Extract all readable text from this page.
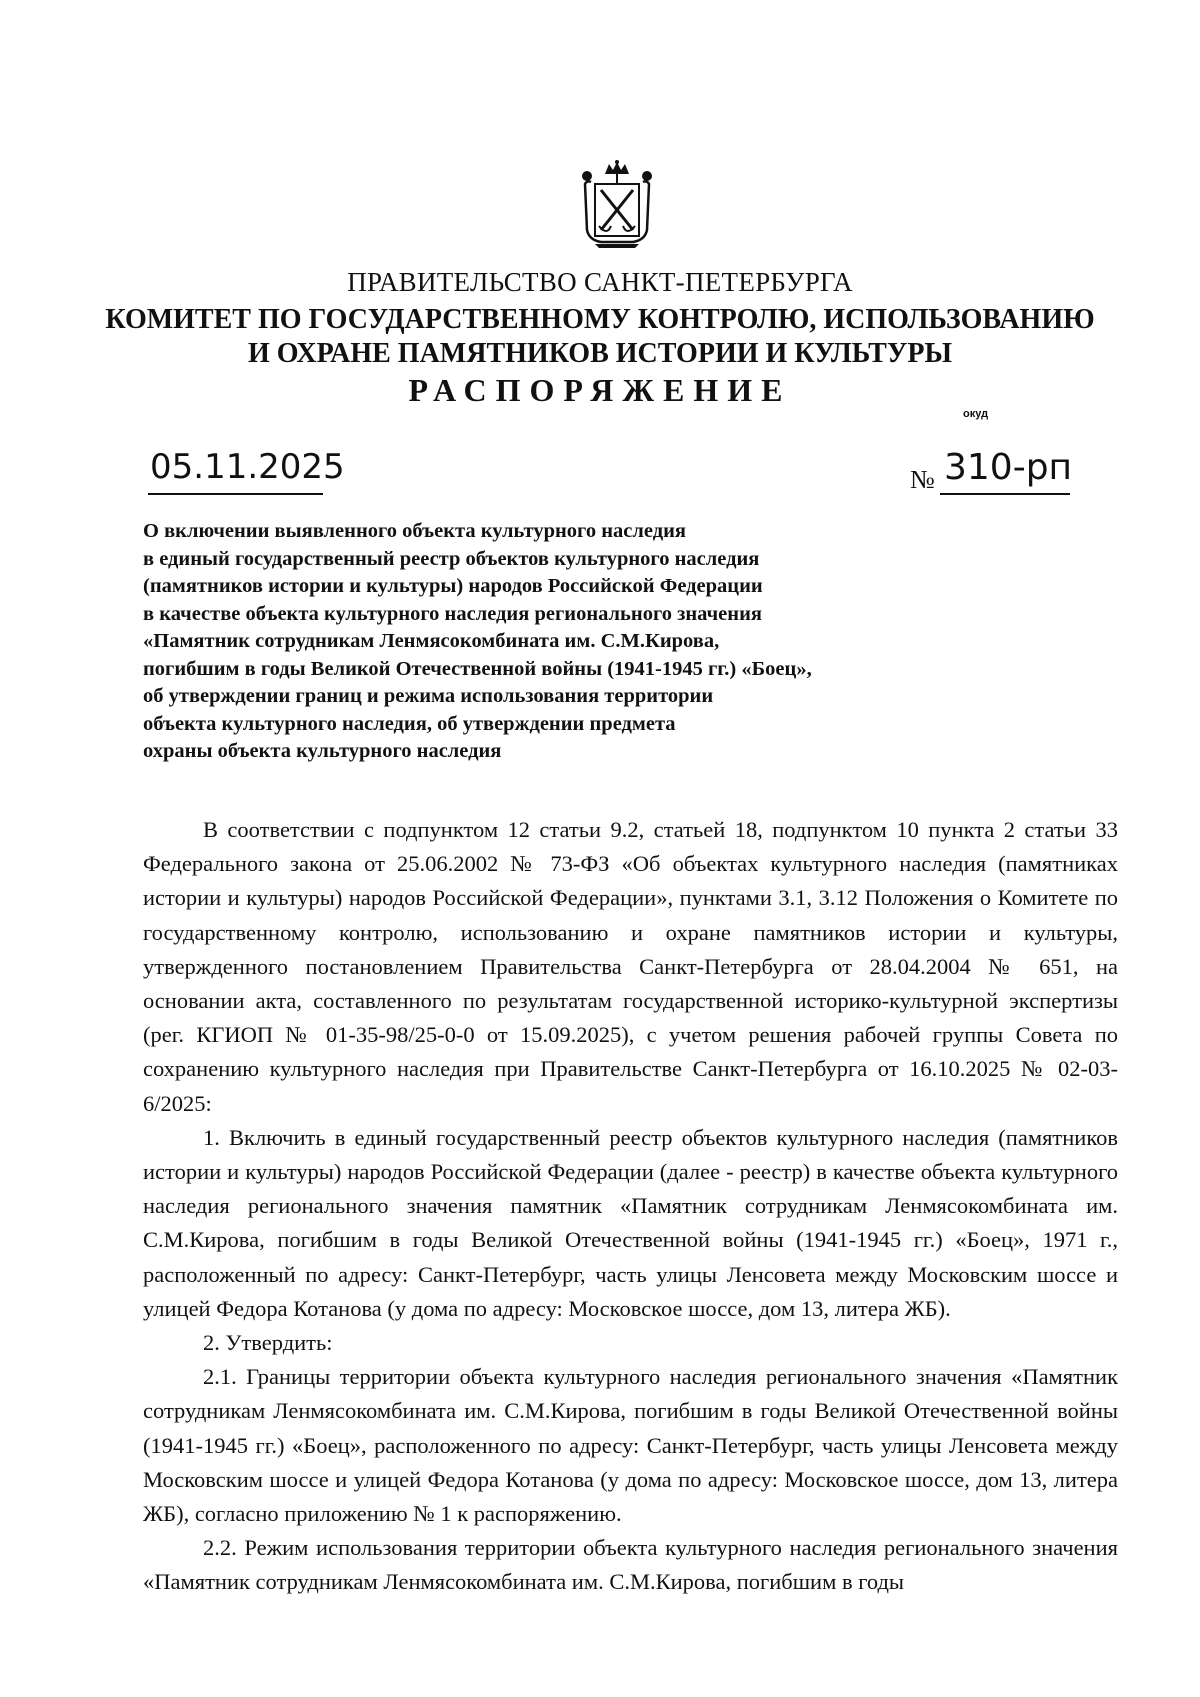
ПРАВИТЕЛЬСТВО САНКТ-ПЕТЕРБУРГА
КОМИТЕТ ПО ГОСУДАРСТВЕННОМУ КОНТРОЛЮ, ИСПОЛЬЗОВАНИЮ
И ОХРАНЕ ПАМЯТНИКОВ ИСТОРИИ И КУЛЬТУРЫ
РАСПОРЯЖЕНИЕ
окуд
05.11.2025	№ 310-рп
О включении выявленного объекта культурного наследия
в единый государственный реестр объектов культурного наследия
(памятников истории и культуры) народов Российской Федерации
в качестве объекта культурного наследия регионального значения
«Памятник сотрудникам Ленмясокомбината им. С.М.Кирова,
погибшим в годы Великой Отечественной войны (1941-1945 гг.) «Боец»,
об утверждении границ и режима использования территории
объекта культурного наследия, об утверждении предмета
охраны объекта культурного наследия

В соответствии с подпунктом 12 статьи 9.2, статьей 18, подпунктом 10 пункта 2 статьи 33 Федерального закона от 25.06.2002 № 73-ФЗ «Об объектах культурного наследия (памятниках истории и культуры) народов Российской Федерации», пунктами 3.1, 3.12 Положения о Комитете по государственному контролю, использованию и охране памятников истории и культуры, утвержденного постановлением Правительства Санкт-Петербурга от 28.04.2004 № 651, на основании акта, составленного по результатам государственной историко-культурной экспертизы (рег. КГИОП № 01-35-98/25-0-0 от 15.09.2025), с учетом решения рабочей группы Совета по сохранению культурного наследия при Правительстве Санкт-Петербурга от 16.10.2025 № 02-03-6/2025:

1. Включить в единый государственный реестр объектов культурного наследия (памятников истории и культуры) народов Российской Федерации (далее - реестр) в качестве объекта культурного наследия регионального значения памятник «Памятник сотрудникам Ленмясокомбината им. С.М.Кирова, погибшим в годы Великой Отечественной войны (1941-1945 гг.) «Боец», 1971 г., расположенный по адресу: Санкт-Петербург, часть улицы Ленсовета между Московским шоссе и улицей Федора Котанова (у дома по адресу: Московское шоссе, дом 13, литера ЖБ).

2. Утвердить:

2.1. Границы территории объекта культурного наследия регионального значения «Памятник сотрудникам Ленмясокомбината им. С.М.Кирова, погибшим в годы Великой Отечественной войны (1941-1945 гг.) «Боец», расположенного по адресу: Санкт-Петербург, часть улицы Ленсовета между Московским шоссе и улицей Федора Котанова (у дома по адресу: Московское шоссе, дом 13, литера ЖБ), согласно приложению № 1 к распоряжению.

2.2. Режим использования территории объекта культурного наследия регионального значения «Памятник сотрудникам Ленмясокомбината им. С.М.Кирова, погибшим в годы
